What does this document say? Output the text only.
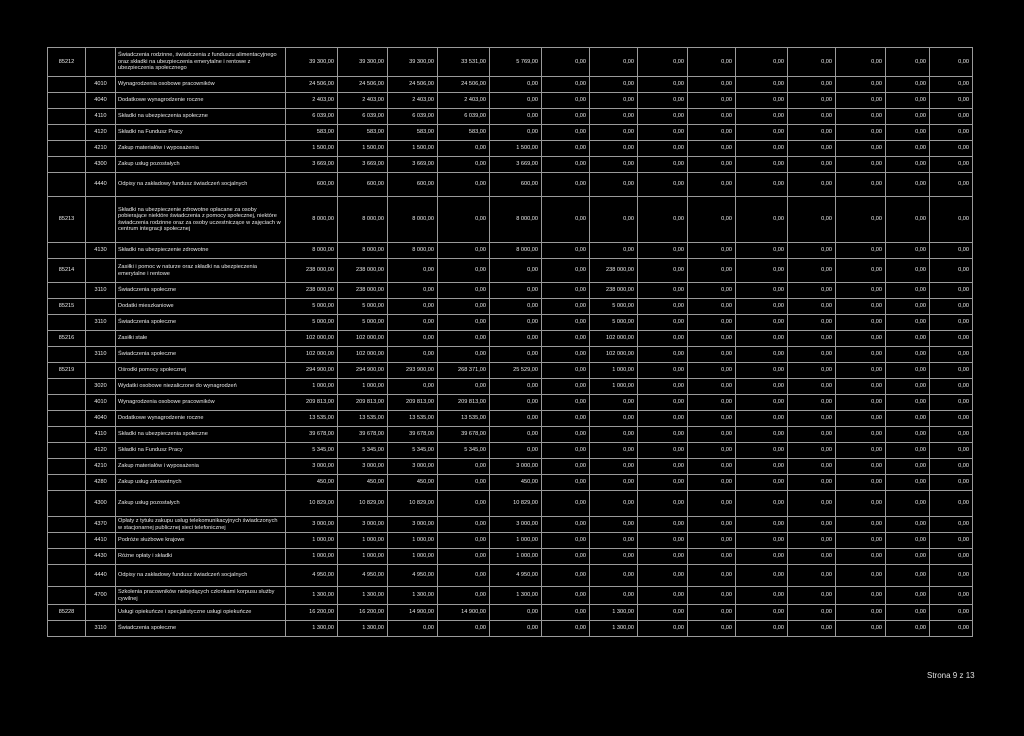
85212		Świadczenia rodzinne, świadczenia z funduszu alimentacyjnego oraz składki na ubezpieczenia emerytalne i rentowe z ubezpieczenia społecznego	39 300,00	39 300,00	39 300,00	33 531,00	5 769,00	0,00	0,00	0,00	0,00	0,00	0,00	0,00	0,00	0,00
	4010	Wynagrodzenia osobowe pracowników	24 506,00	24 506,00	24 506,00	24 506,00	0,00	0,00	0,00	0,00	0,00	0,00	0,00	0,00	0,00	0,00
	4040	Dodatkowe wynagrodzenie roczne	2 403,00	2 403,00	2 403,00	2 403,00	0,00	0,00	0,00	0,00	0,00	0,00	0,00	0,00	0,00	0,00
	4110	Składki na ubezpieczenia społeczne	6 039,00	6 039,00	6 039,00	6 039,00	0,00	0,00	0,00	0,00	0,00	0,00	0,00	0,00	0,00	0,00
	4120	Składki na Fundusz Pracy	583,00	583,00	583,00	583,00	0,00	0,00	0,00	0,00	0,00	0,00	0,00	0,00	0,00	0,00
	4210	Zakup materiałów i wyposażenia	1 500,00	1 500,00	1 500,00	0,00	1 500,00	0,00	0,00	0,00	0,00	0,00	0,00	0,00	0,00	0,00
	4300	Zakup usług pozostałych	3 669,00	3 669,00	3 669,00	0,00	3 669,00	0,00	0,00	0,00	0,00	0,00	0,00	0,00	0,00	0,00
	4440	Odpisy na zakładowy fundusz świadczeń socjalnych	600,00	600,00	600,00	0,00	600,00	0,00	0,00	0,00	0,00	0,00	0,00	0,00	0,00	0,00
85213		Składki na ubezpieczenie zdrowotne opłacane za osoby pobierające niektóre świadczenia z pomocy społecznej, niektóre świadczenia rodzinne oraz za osoby uczestniczące w zajęciach w centrum integracji społecznej	8 000,00	8 000,00	8 000,00	0,00	8 000,00	0,00	0,00	0,00	0,00	0,00	0,00	0,00	0,00	0,00
	4130	Składki na ubezpieczenie zdrowotne	8 000,00	8 000,00	8 000,00	0,00	8 000,00	0,00	0,00	0,00	0,00	0,00	0,00	0,00	0,00	0,00
85214		Zasiłki i pomoc w naturze oraz składki na ubezpieczenia emerytalne i rentowe	238 000,00	238 000,00	0,00	0,00	0,00	0,00	238 000,00	0,00	0,00	0,00	0,00	0,00	0,00	0,00
	3110	Świadczenia społeczne	238 000,00	238 000,00	0,00	0,00	0,00	0,00	238 000,00	0,00	0,00	0,00	0,00	0,00	0,00	0,00
85215		Dodatki mieszkaniowe	5 000,00	5 000,00	0,00	0,00	0,00	0,00	5 000,00	0,00	0,00	0,00	0,00	0,00	0,00	0,00
	3110	Świadczenia społeczne	5 000,00	5 000,00	0,00	0,00	0,00	0,00	5 000,00	0,00	0,00	0,00	0,00	0,00	0,00	0,00
85216		Zasiłki stałe	102 000,00	102 000,00	0,00	0,00	0,00	0,00	102 000,00	0,00	0,00	0,00	0,00	0,00	0,00	0,00
	3110	Świadczenia społeczne	102 000,00	102 000,00	0,00	0,00	0,00	0,00	102 000,00	0,00	0,00	0,00	0,00	0,00	0,00	0,00
85219		Ośrodki pomocy społecznej	294 900,00	294 900,00	293 900,00	268 371,00	25 529,00	0,00	1 000,00	0,00	0,00	0,00	0,00	0,00	0,00	0,00
	3020	Wydatki osobowe niezaliczone do wynagrodzeń	1 000,00	1 000,00	0,00	0,00	0,00	0,00	1 000,00	0,00	0,00	0,00	0,00	0,00	0,00	0,00
	4010	Wynagrodzenia osobowe pracowników	209 813,00	209 813,00	209 813,00	209 813,00	0,00	0,00	0,00	0,00	0,00	0,00	0,00	0,00	0,00	0,00
	4040	Dodatkowe wynagrodzenie roczne	13 535,00	13 535,00	13 535,00	13 535,00	0,00	0,00	0,00	0,00	0,00	0,00	0,00	0,00	0,00	0,00
	4110	Składki na ubezpieczenia społeczne	39 678,00	39 678,00	39 678,00	39 678,00	0,00	0,00	0,00	0,00	0,00	0,00	0,00	0,00	0,00	0,00
	4120	Składki na Fundusz Pracy	5 345,00	5 345,00	5 345,00	5 345,00	0,00	0,00	0,00	0,00	0,00	0,00	0,00	0,00	0,00	0,00
	4210	Zakup materiałów i wyposażenia	3 000,00	3 000,00	3 000,00	0,00	3 000,00	0,00	0,00	0,00	0,00	0,00	0,00	0,00	0,00	0,00
	4280	Zakup usług zdrowotnych	450,00	450,00	450,00	0,00	450,00	0,00	0,00	0,00	0,00	0,00	0,00	0,00	0,00	0,00
	4300	Zakup usług pozostałych	10 829,00	10 829,00	10 829,00	0,00	10 829,00	0,00	0,00	0,00	0,00	0,00	0,00	0,00	0,00	0,00
	4370	Opłaty z tytułu zakupu usług telekomunikacyjnych świadczonych w stacjonarnej publicznej sieci telefonicznej	3 000,00	3 000,00	3 000,00	0,00	3 000,00	0,00	0,00	0,00	0,00	0,00	0,00	0,00	0,00	0,00
	4410	Podróże służbowe krajowe	1 000,00	1 000,00	1 000,00	0,00	1 000,00	0,00	0,00	0,00	0,00	0,00	0,00	0,00	0,00	0,00
	4430	Różne opłaty i składki	1 000,00	1 000,00	1 000,00	0,00	1 000,00	0,00	0,00	0,00	0,00	0,00	0,00	0,00	0,00	0,00
	4440	Odpisy na zakładowy fundusz świadczeń socjalnych	4 950,00	4 950,00	4 950,00	0,00	4 950,00	0,00	0,00	0,00	0,00	0,00	0,00	0,00	0,00	0,00
	4700	Szkolenia pracowników niebędących członkami korpusu służby cywilnej	1 300,00	1 300,00	1 300,00	0,00	1 300,00	0,00	0,00	0,00	0,00	0,00	0,00	0,00	0,00	0,00
85228		Usługi opiekuńcze i specjalistyczne usługi opiekuńcze	16 200,00	16 200,00	14 900,00	14 900,00	0,00	0,00	1 300,00	0,00	0,00	0,00	0,00	0,00	0,00	0,00
	3110	Świadczenia społeczne	1 300,00	1 300,00	0,00	0,00	0,00	0,00	1 300,00	0,00	0,00	0,00	0,00	0,00	0,00	0,00
Strona 9 z 13
